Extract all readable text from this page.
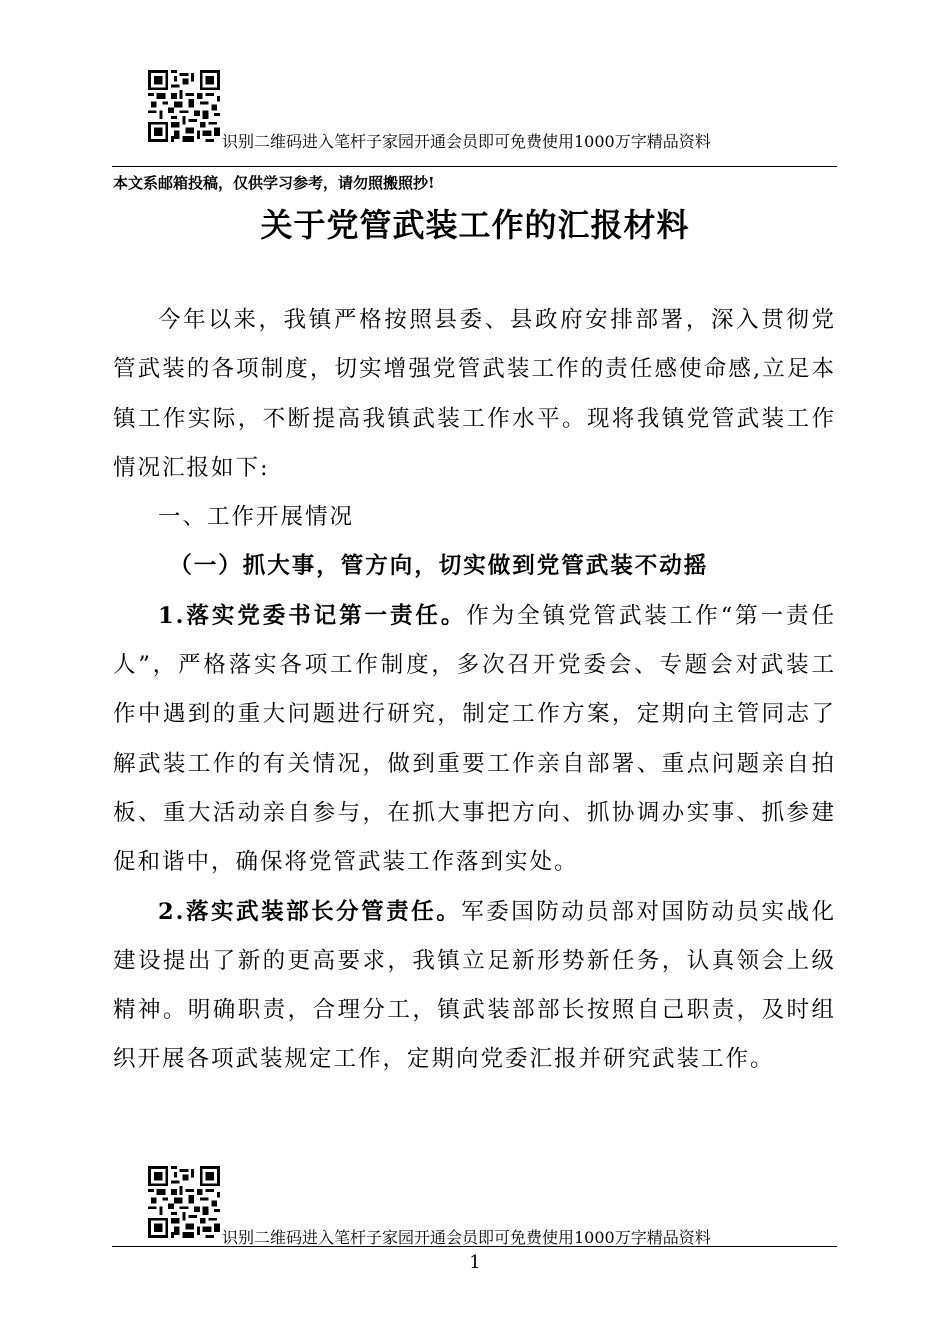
识别二维码进入笔杆子家园开通会员即可免费使用1000万字精品资料
本文系邮箱投稿，仅供学习参考，请勿照搬照抄!
关于党管武装工作的汇报材料

今年以来，我镇严格按照县委、县政府安排部署，深入贯彻党管武装的各项制度，切实增强党管武装工作的责任感使命感,立足本镇工作实际，不断提高我镇武装工作水平。现将我镇党管武装工作情况汇报如下:

一、工作开展情况

（一）抓大事，管方向，切实做到党管武装不动摇

1.落实党委书记第一责任。作为全镇党管武装工作“第一责任人”，严格落实各项工作制度，多次召开党委会、专题会对武装工作中遇到的重大问题进行研究，制定工作方案，定期向主管同志了解武装工作的有关情况，做到重要工作亲自部署、重点问题亲自拍板、重大活动亲自参与，在抓大事把方向、抓协调办实事、抓参建促和谐中，确保将党管武装工作落到实处。

2.落实武装部长分管责任。军委国防动员部对国防动员实战化建设提出了新的更高要求，我镇立足新形势新任务，认真领会上级精神。明确职责，合理分工，镇武装部部长按照自己职责，及时组织开展各项武装规定工作，定期向党委汇报并研究武装工作。

识别二维码进入笔杆子家园开通会员即可免费使用1000万字精品资料
1
